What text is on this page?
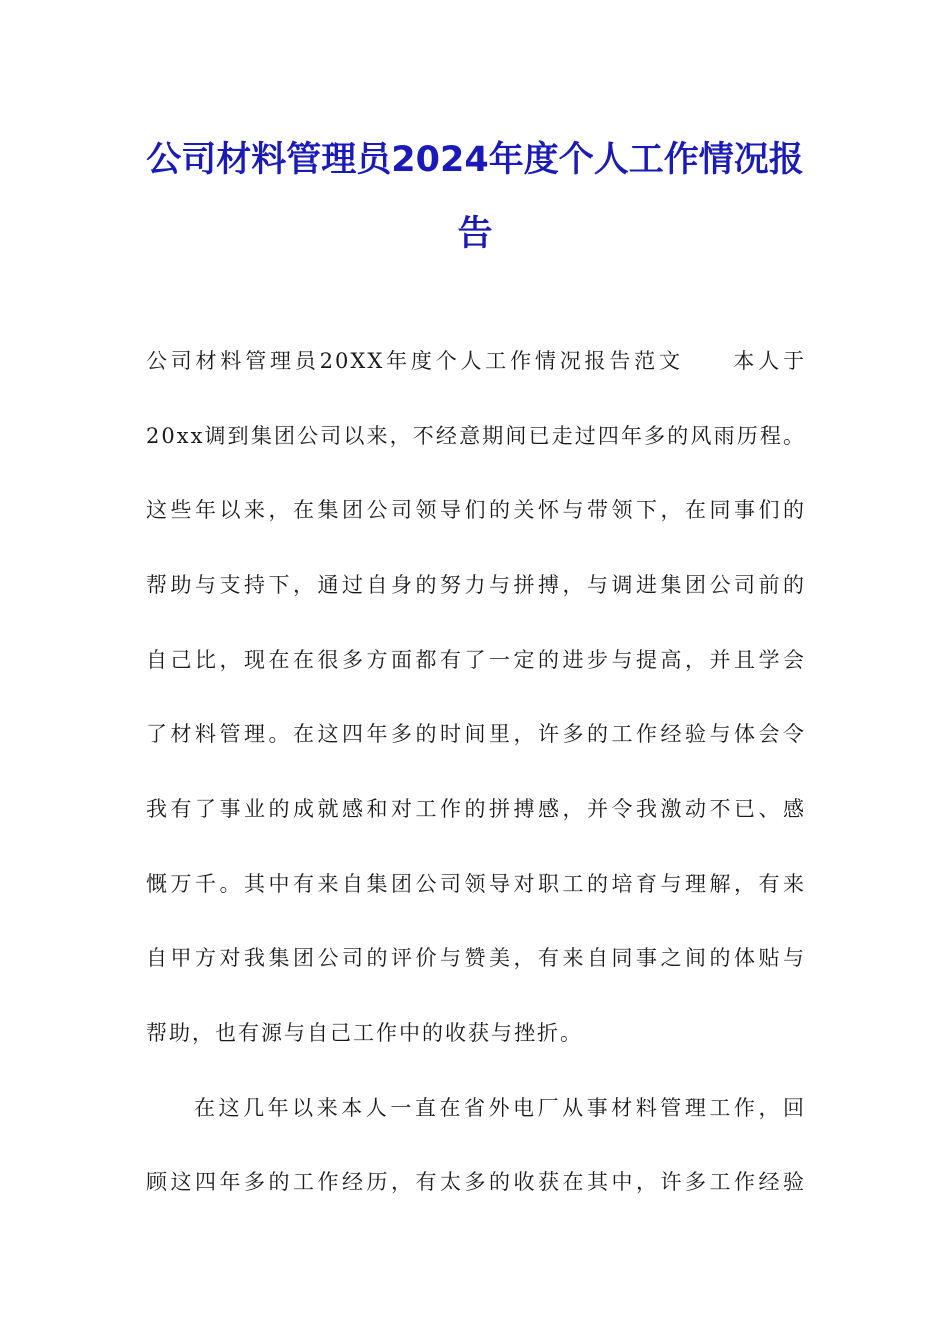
公司材料管理员2024年度个人工作情况报
告
公司材料管理员20XX年度个人工作情况报告范文　　本人于
20xx调到集团公司以来，不经意期间已走过四年多的风雨历程。
这些年以来，在集团公司领导们的关怀与带领下，在同事们的
帮助与支持下，通过自身的努力与拼搏，与调进集团公司前的
自己比，现在在很多方面都有了一定的进步与提高，并且学会
了材料管理。在这四年多的时间里，许多的工作经验与体会令
我有了事业的成就感和对工作的拼搏感，并令我激动不已、感
慨万千。其中有来自集团公司领导对职工的培育与理解，有来
自甲方对我集团公司的评价与赞美，有来自同事之间的体贴与
帮助，也有源与自己工作中的收获与挫折。
在这几年以来本人一直在省外电厂从事材料管理工作，回
顾这四年多的工作经历，有太多的收获在其中，许多工作经验
